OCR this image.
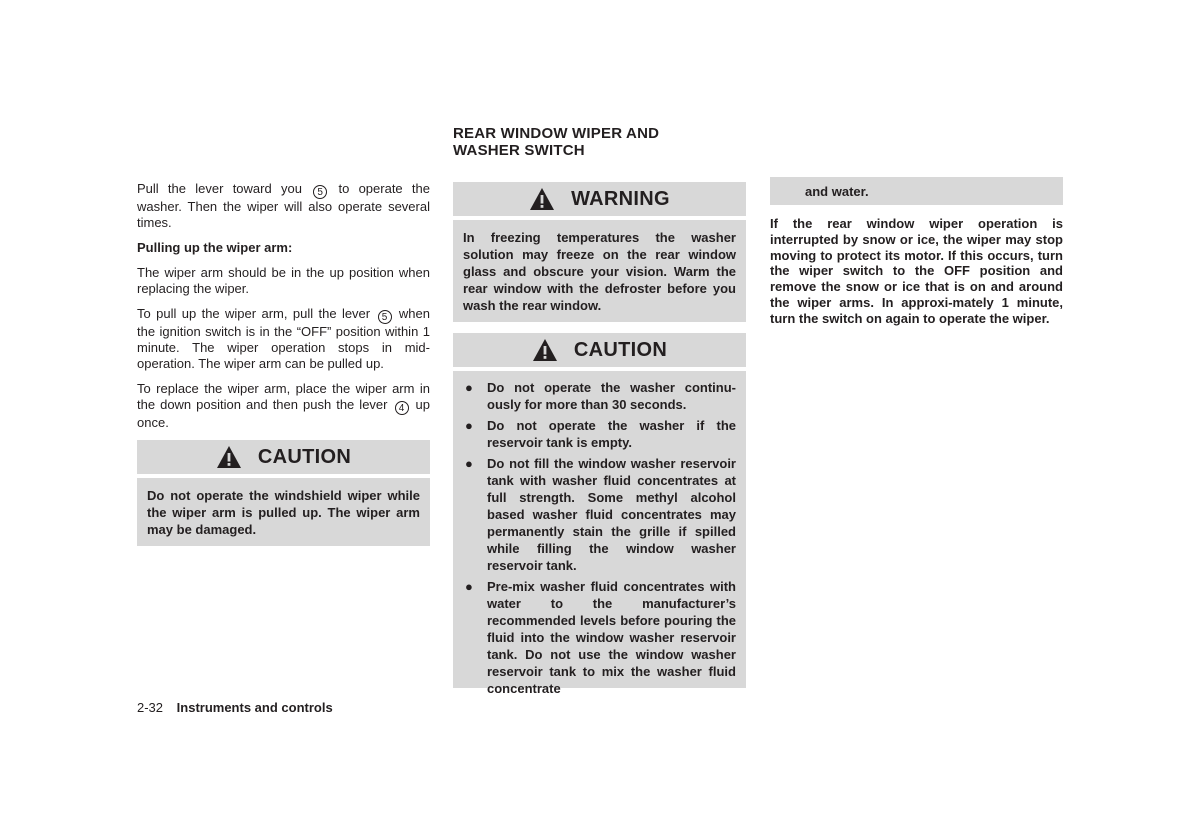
Pull the lever toward you 5 to operate the washer. Then the wiper will also operate several times.

Pulling up the wiper arm:

The wiper arm should be in the up position when replacing the wiper.

To pull up the wiper arm, pull the lever 5 when the ignition switch is in the “OFF” position within 1 minute. The wiper operation stops in mid-operation. The wiper arm can be pulled up.

To replace the wiper arm, place the wiper arm in the down position and then push the lever 4 up once.

CAUTION
Do not operate the windshield wiper while the wiper arm is pulled up. The wiper arm may be damaged.
REAR WINDOW WIPER AND
WASHER SWITCH
WARNING
In freezing temperatures the washer solution may freeze on the rear window glass and obscure your vision. Warm the rear window with the defroster before you wash the rear window.
CAUTION
● Do not operate the washer continu-ously for more than 30 seconds.
● Do not operate the washer if the reservoir tank is empty.
● Do not fill the window washer reservoir tank with washer fluid concentrates at full strength. Some methyl alcohol based washer fluid concentrates may permanently stain the grille if spilled while filling the window washer reservoir tank.
● Pre-mix washer fluid concentrates with water to the manufacturer’s recommended levels before pouring the fluid into the window washer reservoir tank. Do not use the window washer reservoir tank to mix the washer fluid concentrate
and water.

If the rear window wiper operation is interrupted by snow or ice, the wiper may stop moving to protect its motor. If this occurs, turn the wiper switch to the OFF position and remove the snow or ice that is on and around the wiper arms. In approxi-mately 1 minute, turn the switch on again to operate the wiper.

2-32 Instruments and controls
